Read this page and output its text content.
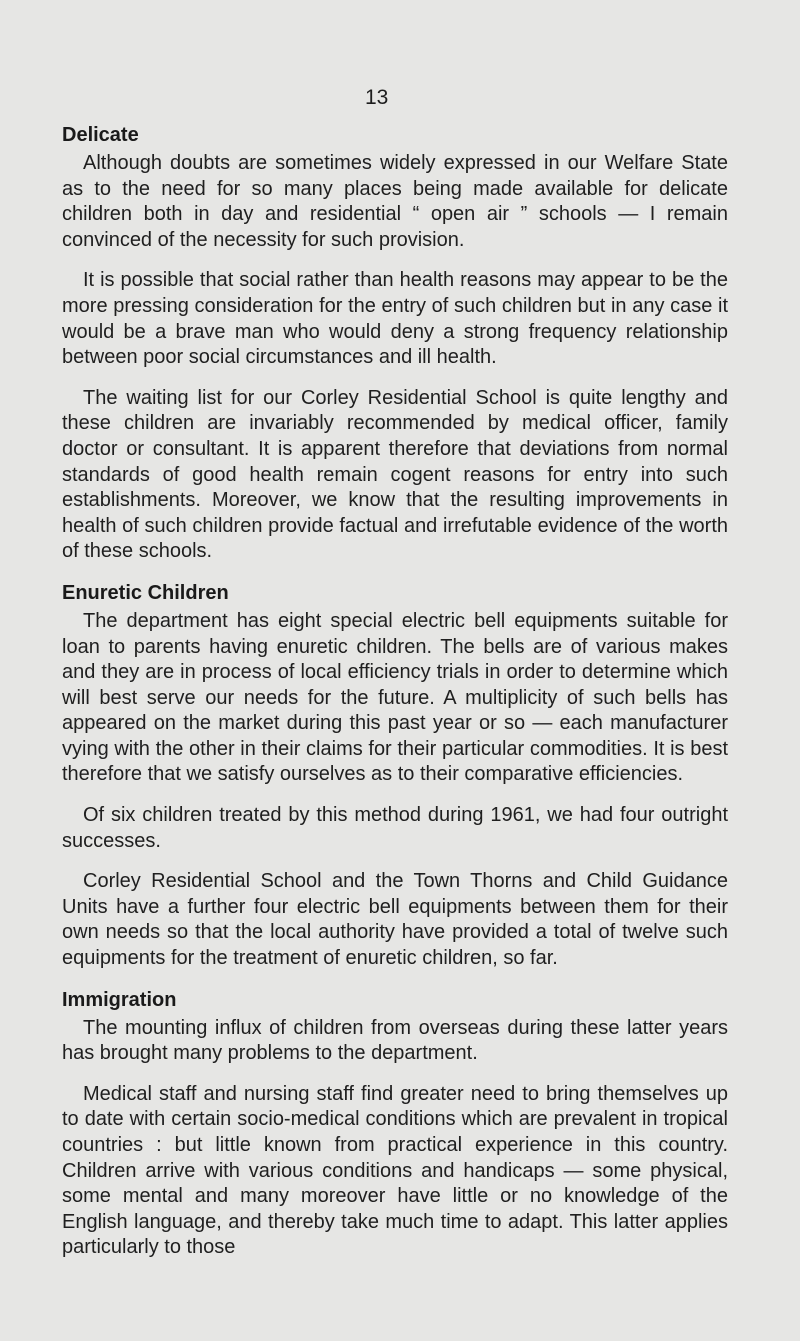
13
Delicate

Although doubts are sometimes widely expressed in our Welfare State as to the need for so many places being made available for delicate children both in day and residential “ open air ” schools — I remain convinced of the necessity for such provision.

It is possible that social rather than health reasons may appear to be the more pressing consideration for the entry of such children but in any case it would be a brave man who would deny a strong frequency relationship between poor social circumstances and ill health.

The waiting list for our Corley Residential School is quite lengthy and these children are invariably recommended by medical officer, family doctor or consultant. It is apparent therefore that deviations from normal standards of good health remain cogent reasons for entry into such establishments. Moreover, we know that the resulting improvements in health of such children provide factual and irrefutable evidence of the worth of these schools.

Enuretic Children

The department has eight special electric bell equipments suitable for loan to parents having enuretic children. The bells are of various makes and they are in process of local efficiency trials in order to determine which will best serve our needs for the future. A multiplicity of such bells has appeared on the market during this past year or so — each manufacturer vying with the other in their claims for their particular commodities. It is best therefore that we satisfy ourselves as to their comparative efficiencies.

Of six children treated by this method during 1961, we had four outright successes.

Corley Residential School and the Town Thorns and Child Guidance Units have a further four electric bell equipments between them for their own needs so that the local authority have provided a total of twelve such equipments for the treatment of enuretic children, so far.

Immigration

The mounting influx of children from overseas during these latter years has brought many problems to the department.

Medical staff and nursing staff find greater need to bring themselves up to date with certain socio-medical conditions which are prevalent in tropical countries : but little known from practical experience in this country. Children arrive with various conditions and handicaps — some physical, some mental and many moreover have little or no knowledge of the English language, and thereby take much time to adapt. This latter applies particularly to those
